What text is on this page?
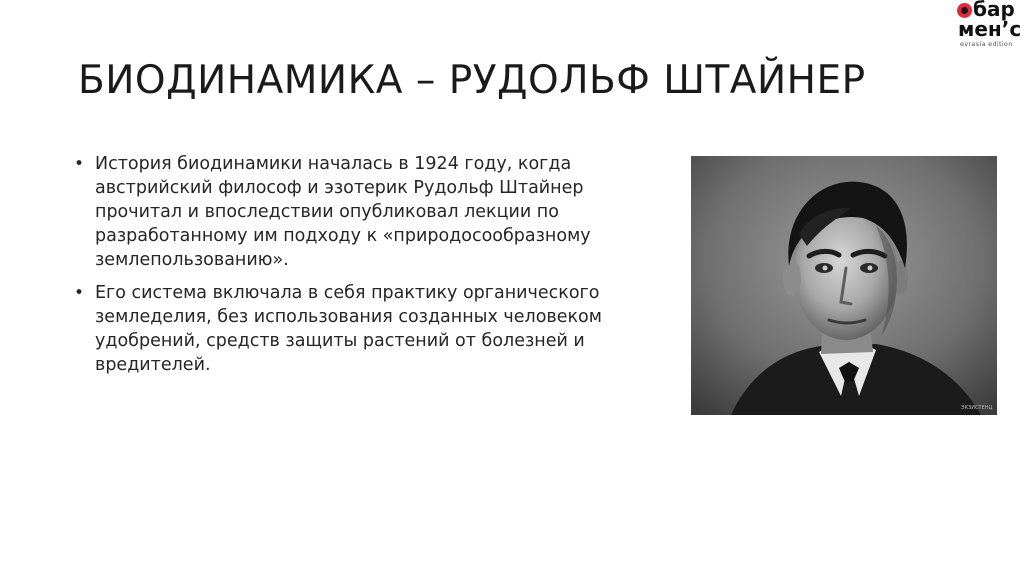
бар
мен’с
evrasia edition
БИОДИНАМИКА – РУДОЛЬФ ШТАЙНЕР
• История биодинамики началась в 1924 году, когда австрийский философ и эзотерик Рудольф Штайнер прочитал и впоследствии опубликовал лекции по разработанному им подходу к «природосообразному землепользованию».
• Его система включала в себя практику органического земледелия, без использования созданных человеком удобрений, средств защиты растений от болезней и вредителей.
ЭКЗИСТЕНЦ
